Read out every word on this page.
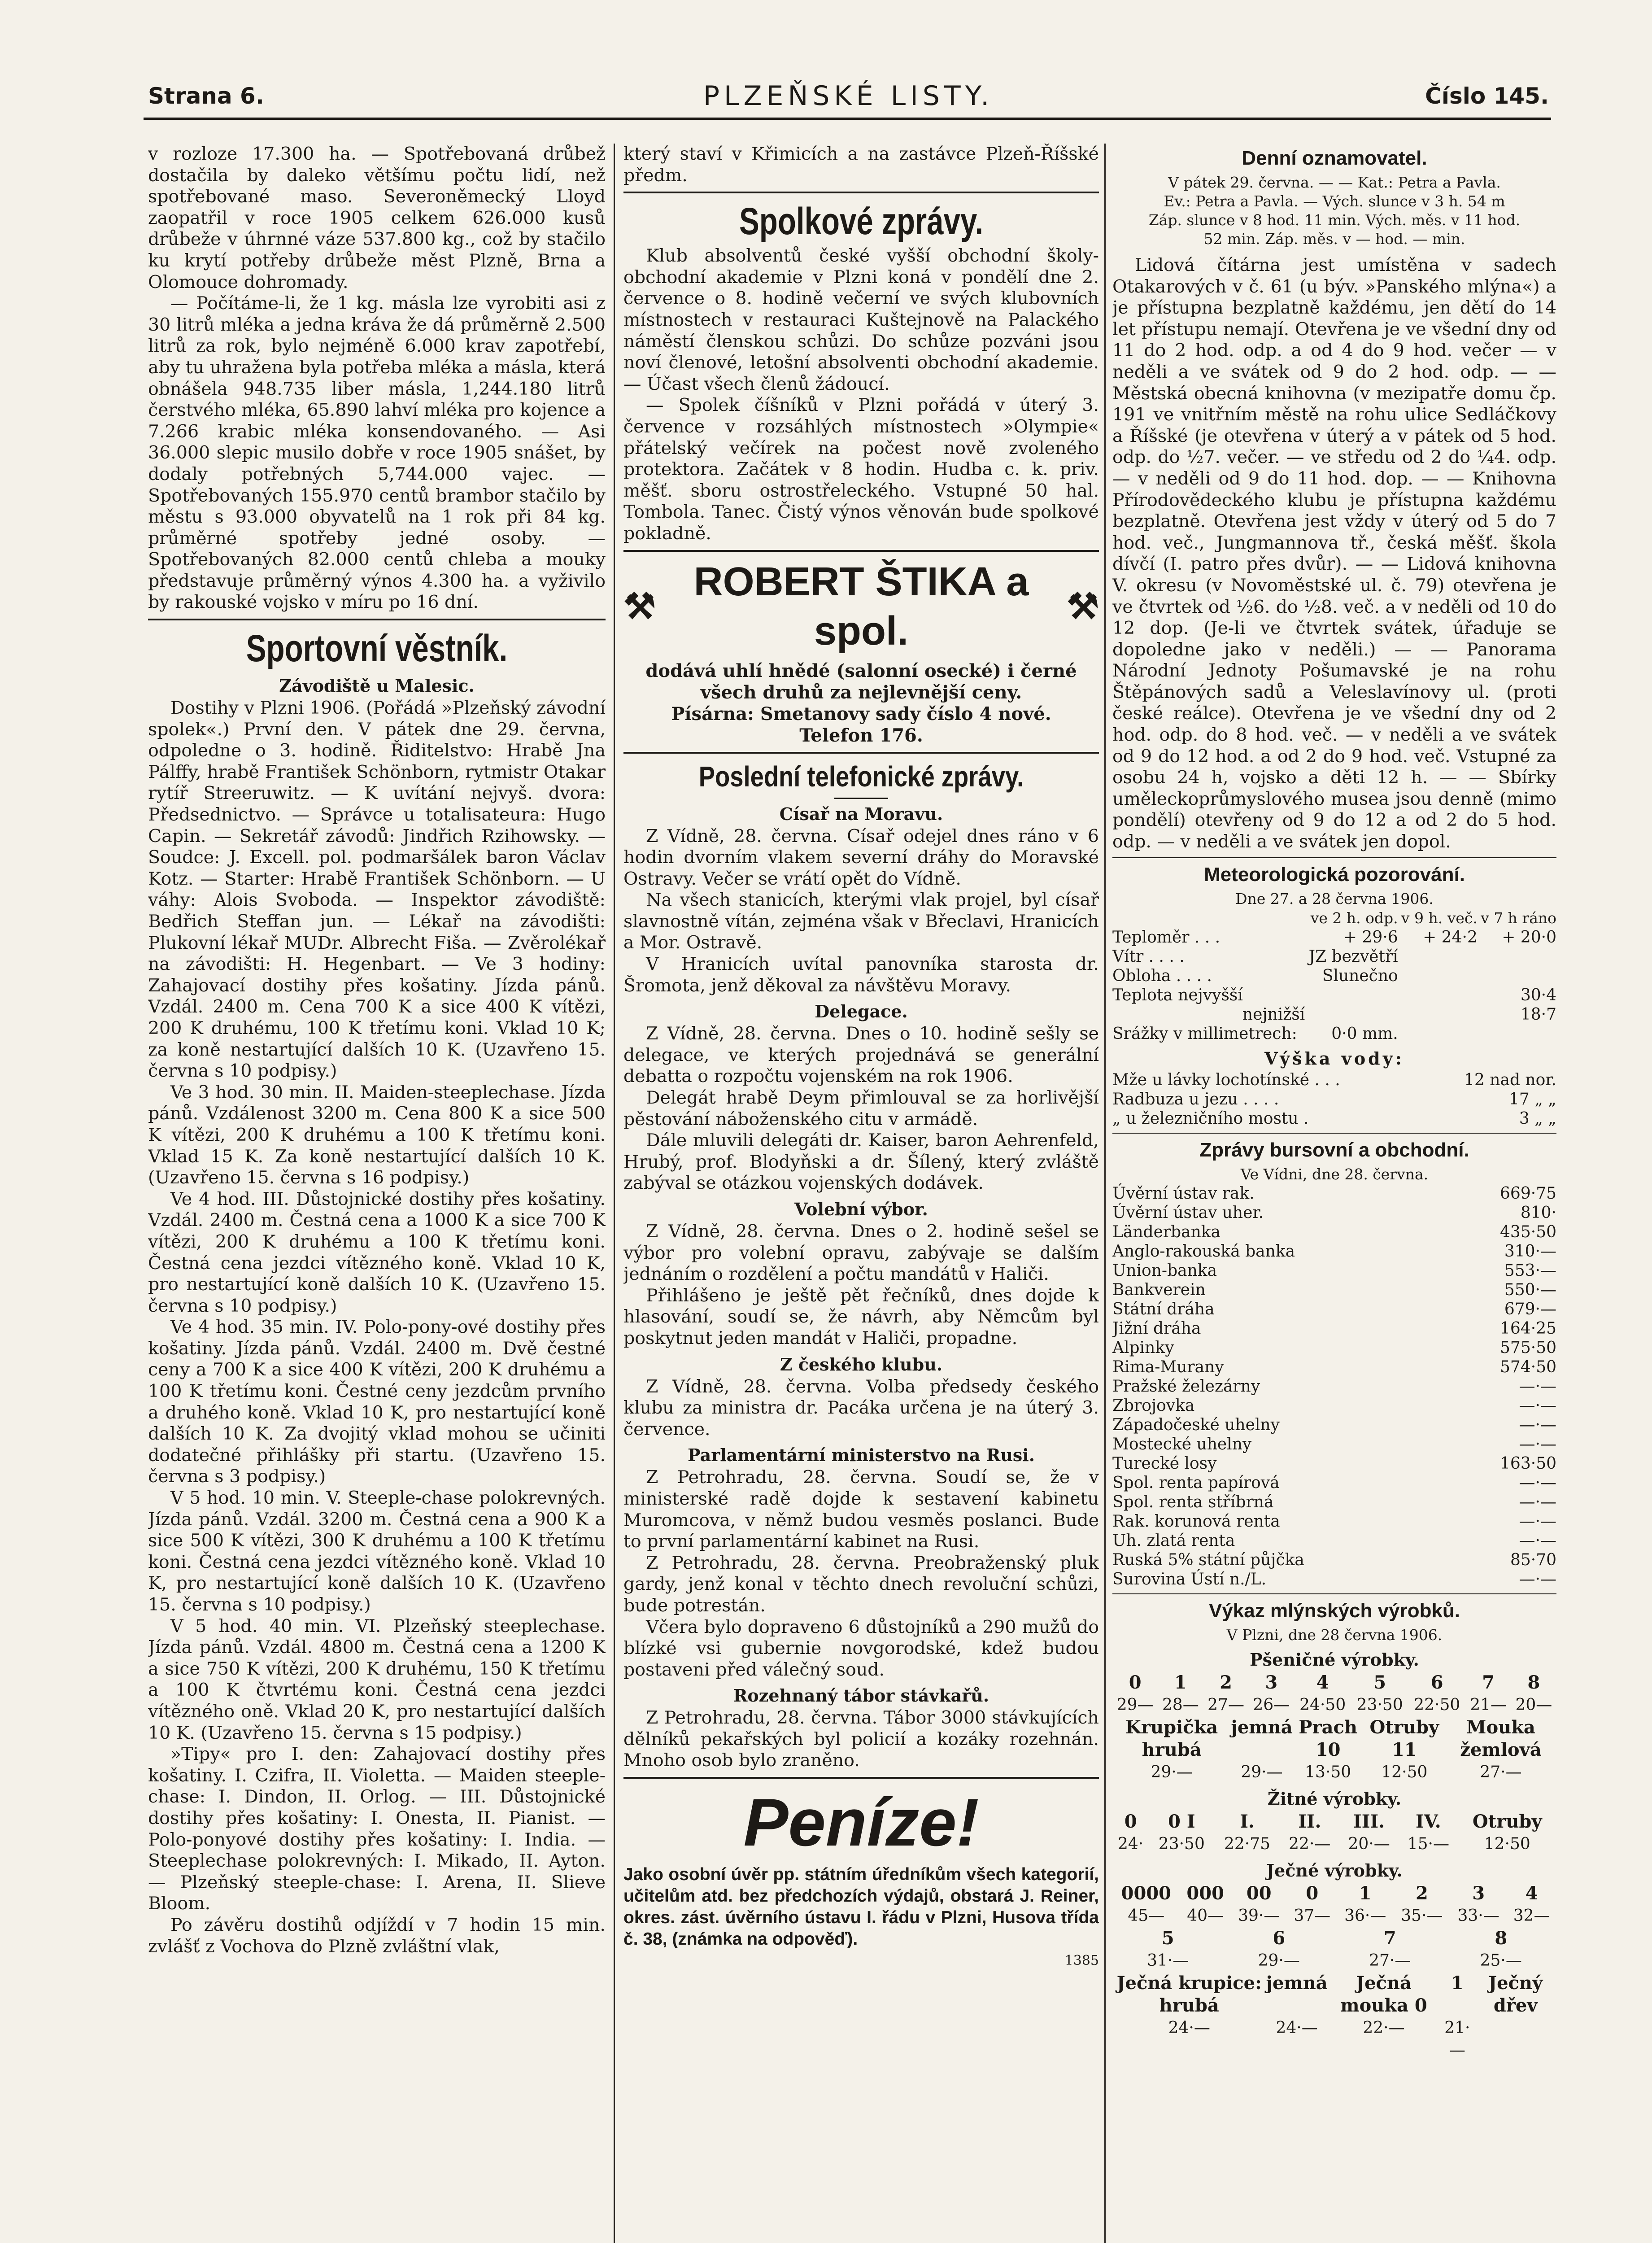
Strana 6.	PLZEŇSKÉ LISTY.	Číslo 145.

v rozloze 17.300 ha. — Spotřebovaná drůbež dostačila by daleko většímu počtu lidí, než spotřebované maso. Severoněmecký Lloyd zaopatřil v roce 1905 celkem 626.000 kusů drůbeže v úhrnné váze 537.800 kg., což by stačilo ku krytí potřeby drůbeže měst Plzně, Brna a Olomouce dohromady.

— Počítáme-li, že 1 kg. másla lze vyrobiti asi z 30 litrů mléka a jedna kráva že dá průměrně 2.500 litrů za rok, bylo nejméně 6.000 krav zapotřebí, aby tu uhražena byla potřeba mléka a másla, která obnášela 948.735 liber másla, 1,244.180 litrů čerstvého mléka, 65.890 lahví mléka pro kojence a 7.266 krabic mléka konsendovaného. — Asi 36.000 slepic musilo dobře v roce 1905 snášet, by dodaly potřebných 5,744.000 vajec. — Spotřebovaných 155.970 centů brambor stačilo by městu s 93.000 obyvatelů na 1 rok při 84 kg. průměrné spotřeby jedné osoby. — Spotřebovaných 82.000 centů chleba a mouky představuje průměrný výnos 4.300 ha. a vyživilo by rakouské vojsko v míru po 16 dní.

Sportovní věstník.
Závodiště u Malesic.

Dostihy v Plzni 1906. (Pořádá »Plzeňský závodní spolek«.) První den. V pátek dne 29. června, odpoledne o 3. hodině. Řiditelstvo: Hrabě Jna Pálffy, hrabě František Schönborn, rytmistr Otakar rytíř Streeruwitz. — K uvítání nejvyš. dvora: Předsednictvo. — Správce u totalisateura: Hugo Capin. — Sekretář závodů: Jindřich Rzihowsky. — Soudce: J. Excell. pol. podmaršálek baron Václav Kotz. — Starter: Hrabě František Schönborn. — U váhy: Alois Svoboda. — Inspektor závodiště: Bedřich Steffan jun. — Lékař na závodišti: Plukovní lékař MUDr. Albrecht Fiša. — Zvěrolékař na závodišti: H. Hegenbart. — Ve 3 hodiny: Zahajovací dostihy přes košatiny. Jízda pánů. Vzdál. 2400 m. Cena 700 K a sice 400 K vítězi, 200 K druhému, 100 K třetímu koni. Vklad 10 K; za koně nestartující dalších 10 K. (Uzavřeno 15. června s 10 podpisy.)

Ve 3 hod. 30 min. II. Maiden-steeplechase. Jízda pánů. Vzdálenost 3200 m. Cena 800 K a sice 500 K vítězi, 200 K druhému a 100 K třetímu koni. Vklad 15 K. Za koně nestartující dalších 10 K. (Uzavřeno 15. června s 16 podpisy.)

Ve 4 hod. III. Důstojnické dostihy přes košatiny. Vzdál. 2400 m. Čestná cena a 1000 K a sice 700 K vítězi, 200 K druhému a 100 K třetímu koni. Čestná cena jezdci vítězného koně. Vklad 10 K, pro nestartující koně dalších 10 K. (Uzavřeno 15. června s 10 podpisy.)

Ve 4 hod. 35 min. IV. Polo-pony-ové dostihy přes košatiny. Jízda pánů. Vzdál. 2400 m. Dvě čestné ceny a 700 K a sice 400 K vítězi, 200 K druhému a 100 K třetímu koni. Čestné ceny jezdcům prvního a druhého koně. Vklad 10 K, pro nestartující koně dalších 10 K. Za dvojitý vklad mohou se učiniti dodatečné přihlášky při startu. (Uzavřeno 15. června s 3 podpisy.)

V 5 hod. 10 min. V. Steeple-chase polokrevných. Jízda pánů. Vzdál. 3200 m. Čestná cena a 900 K a sice 500 K vítězi, 300 K druhému a 100 K třetímu koni. Čestná cena jezdci vítězného koně. Vklad 10 K, pro nestartující koně dalších 10 K. (Uzavřeno 15. června s 10 podpisy.)

V 5 hod. 40 min. VI. Plzeňský steeplechase. Jízda pánů. Vzdál. 4800 m. Čestná cena a 1200 K a sice 750 K vítězi, 200 K druhému, 150 K třetímu a 100 K čtvrtému koni. Čestná cena jezdci vítězného oně. Vklad 20 K, pro nestartující dalších 10 K. (Uzavřeno 15. června s 15 podpisy.)

»Tipy« pro I. den: Zahajovací dostihy přes košatiny. I. Czifra, II. Violetta. — Maiden steeple-chase: I. Dindon, II. Orlog. — III. Důstojnické dostihy přes košatiny: I. Onesta, II. Pianist. — Polo-ponyové dostihy přes košatiny: I. India. — Steeplechase polokrevných: I. Mikado, II. Ayton. — Plzeňský steeple-chase: I. Arena, II. Slieve Bloom.

Po závěru dostihů odjíždí v 7 hodin 15 min. zvlášť z Vochova do Plzně zvláštní vlak,

který staví v Křimicích a na zastávce Plzeň-Říšské předm.

Spolkové zprávy.

Klub absolventů české vyšší obchodní školy-obchodní akademie v Plzni koná v pondělí dne 2. července o 8. hodině večerní ve svých klubovních místnostech v restauraci Kuštejnově na Palackého náměstí členskou schůzi. Do schůze pozváni jsou noví členové, letošní absolventi obchodní akademie. — Účast všech členů žádoucí.

— Spolek číšníků v Plzni pořádá v úterý 3. července v rozsáhlých místnostech »Olympie« přátelský večírek na počest nově zvoleného protektora. Začátek v 8 hodin. Hudba c. k. priv. měšť. sboru ostrostřeleckého. Vstupné 50 hal. Tombola. Tanec. Čistý výnos věnován bude spolkové pokladně.

⚒
ROBERT ŠTIKA a spol.
⚒
dodává uhlí hnědé (salonní osecké) i černé všech druhů za nejlevnější ceny.
Písárna: Smetanovy sady číslo 4 nové.
Telefon 176.
Poslední telefonické zprávy.
Císař na Moravu.

Z Vídně, 28. června. Císař odejel dnes ráno v 6 hodin dvorním vlakem severní dráhy do Moravské Ostravy. Večer se vrátí opět do Vídně.

Na všech stanicích, kterými vlak projel, byl císař slavnostně vítán, zejména však v Břeclavi, Hranicích a Mor. Ostravě.

V Hranicích uvítal panovníka starosta dr. Šromota, jenž děkoval za návštěvu Moravy.

Delegace.

Z Vídně, 28. června. Dnes o 10. hodině sešly se delegace, ve kterých projednává se generální debatta o rozpočtu vojenském na rok 1906.

Delegát hrabě Deym přimlouval se za horlivější pěstování náboženského citu v armádě.

Dále mluvili delegáti dr. Kaiser, baron Aehrenfeld, Hrubý, prof. Blodyňski a dr. Šílený, který zvláště zabýval se otázkou vojenských dodávek.

Volební výbor.

Z Vídně, 28. června. Dnes o 2. hodině sešel se výbor pro volební opravu, zabývaje se dalším jednáním o rozdělení a počtu mandátů v Haliči.

Přihlášeno je ještě pět řečníků, dnes dojde k hlasování, soudí se, že návrh, aby Němcům byl poskytnut jeden mandát v Haliči, propadne.

Z českého klubu.

Z Vídně, 28. června. Volba předsedy českého klubu za ministra dr. Pacáka určena je na úterý 3. července.

Parlamentární ministerstvo na Rusi.

Z Petrohradu, 28. června. Soudí se, že v ministerské radě dojde k sestavení kabinetu Muromcova, v němž budou vesměs poslanci. Bude to první parlamentární kabinet na Rusi.

Z Petrohradu, 28. června. Preobraženský pluk gardy, jenž konal v těchto dnech revoluční schůzi, bude potrestán.

Včera bylo dopraveno 6 důstojníků a 290 mužů do blízké vsi gubernie novgorodské, kdež budou postaveni před válečný soud.

Rozehnaný tábor stávkařů.

Z Petrohradu, 28. června. Tábor 3000 stávkujících dělníků pekařských byl policií a kozáky rozehnán. Mnoho osob bylo zraněno.

Peníze!
Jako osobní úvěr pp. státním úředníkům všech kategorií, učitelům atd. bez předchozích výdajů, obstará J. Reiner, okres. zást. úvěrního ústavu I. řádu v Plzni, Husova třída č. 38, (známka na odpověď).
1385
Denní oznamovatel.
V pátek 29. června. — — Kat.: Petra a Pavla.
Ev.: Petra a Pavla. — Vých. slunce v 3 h. 54 m
Záp. slunce v 8 hod. 11 min. Vých. měs. v 11 hod.
52 min. Záp. měs. v — hod. — min.

Lidová čítárna jest umístěna v sadech Otakarových v č. 61 (u býv. »Panského mlýna«) a je přístupna bezplatně každému, jen dětí do 14 let přístupu nemají. Otevřena je ve všední dny od 11 do 2 hod. odp. a od 4 do 9 hod. večer — v neděli a ve svátek od 9 do 2 hod. odp. — — Městská obecná knihovna (v mezipatře domu čp. 191 ve vnitřním městě na rohu ulice Sedláčkovy a Říšské (je otevřena v úterý a v pátek od 5 hod. odp. do ½7. večer. — ve středu od 2 do ¼4. odp. — v neděli od 9 do 11 hod. dop. — — Knihovna Přírodovědeckého klubu je přístupna každému bezplatně. Otevřena jest vždy v úterý od 5 do 7 hod. več., Jungmannova tř., česká měšť. škola dívčí (I. patro přes dvůr). — — Lidová knihovna V. okresu (v Novoměstské ul. č. 79) otevřena je ve čtvrtek od ½6. do ½8. več. a v neděli od 10 do 12 dop. (Je-li ve čtvrtek svátek, úřaduje se dopoledne jako v neděli.) — — Panorama Národní Jednoty Pošumavské je na rohu Štěpánových sadů a Veleslavínovy ul. (proti české reálce). Otevřena je ve všední dny od 2 hod. odp. do 8 hod. več. — v neděli a ve svátek od 9 do 12 hod. a od 2 do 9 hod. več. Vstupné za osobu 24 h, vojsko a děti 12 h. — — Sbírky uměleckoprůmyslového musea jsou denně (mimo pondělí) otevřeny od 9 do 12 a od 2 do 5 hod. odp. — v neděli a ve svátek jen dopol.

Meteorologická pozorování.
Dne 27. a 28 června 1906.
	ve 2 h. odp.	v 9 h. več.	v 7 h ráno
Teploměr . . .	+ 29·6	+ 24·2	+ 20·0
Vítr . . . .	JZ bezvětří		
Obloha . . . .	Slunečno		
Teplota nejvyšší			30·4
nejnižší			18·7
Srážky v millimetrech:	0·0 mm.		
Výška vody:
Mže u lávky lochotínské . . .	12 nad nor.
Radbuza u jezu . . . .	17 „ „
„ u železničního mostu .	3 „ „
Zprávy bursovní a obchodní.
Ve Vídni, dne 28. června.
Úvěrní ústav rak.	669·75
Úvěrní ústav uher.	810·
Länderbanka	435·50
Anglo-rakouská banka	310·—
Union-banka	553·—
Bankverein	550·—
Státní dráha	679·—
Jižní dráha	164·25
Alpinky	575·50
Rima-Murany	574·50
Pražské železárny	—·—
Zbrojovka	—·—
Západočeské uhelny	—·—
Mostecké uhelny	—·—
Turecké losy	163·50
Spol. renta papírová	—·—
Spol. renta stříbrná	—·—
Rak. korunová renta	—·—
Uh. zlatá renta	—·—
Ruská 5% státní půjčka	85·70
Surovina Ústí n./L.	—·—
Výkaz mlýnských výrobků.
V Plzni, dne 28 června 1906.
Pšeničné výrobky.
0	1	2	3	4	5	6	7	8
29—	28—	27—	26—	24·50	23·50	22·50	21—	20—
Krupička hrubá	jemná	Prach 10	Otruby 11	Mouka žemlová
29·—	29·—	13·50	12·50	27·—
Žitné výrobky.
0	0 I	I.	II.	III.	IV.	Otruby
24·	23·50	22·75	22·—	20·—	15·—	12·50
Ječné výrobky.
0000	000	00	0	1	2	3	4
45—	40—	39·—	37—	36·—	35·—	33·—	32—
5	6	7	8
31·—	29·—	27·—	25·—
Ječná krupice: hrubá	jemná	Ječná mouka 0	1	Ječný dřev
24·—	24·—	22·—	21·—	
